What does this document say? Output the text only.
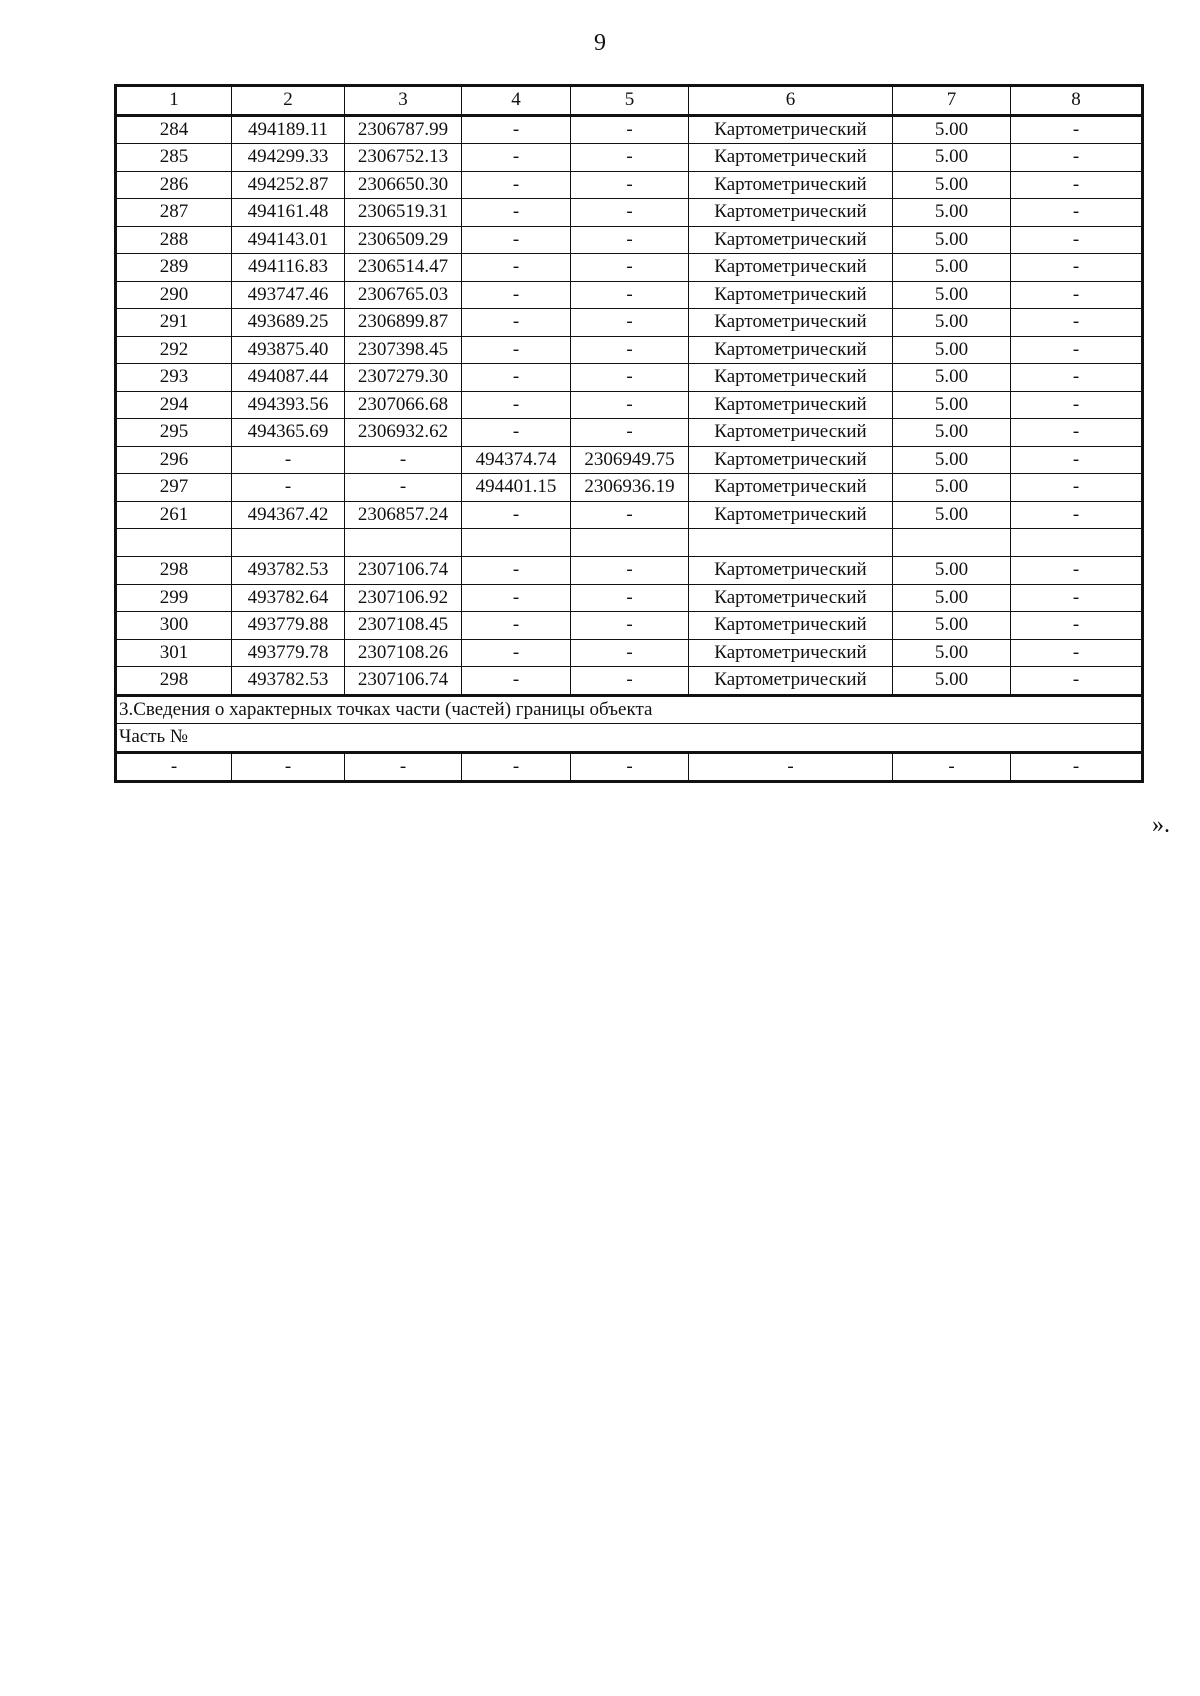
9
1	2	3	4	5	6	7	8
284	494189.11	2306787.99	-	-	Картометрический	5.00	-
285	494299.33	2306752.13	-	-	Картометрический	5.00	-
286	494252.87	2306650.30	-	-	Картометрический	5.00	-
287	494161.48	2306519.31	-	-	Картометрический	5.00	-
288	494143.01	2306509.29	-	-	Картометрический	5.00	-
289	494116.83	2306514.47	-	-	Картометрический	5.00	-
290	493747.46	2306765.03	-	-	Картометрический	5.00	-
291	493689.25	2306899.87	-	-	Картометрический	5.00	-
292	493875.40	2307398.45	-	-	Картометрический	5.00	-
293	494087.44	2307279.30	-	-	Картометрический	5.00	-
294	494393.56	2307066.68	-	-	Картометрический	5.00	-
295	494365.69	2306932.62	-	-	Картометрический	5.00	-
296	-	-	494374.74	2306949.75	Картометрический	5.00	-
297	-	-	494401.15	2306936.19	Картометрический	5.00	-
261	494367.42	2306857.24	-	-	Картометрический	5.00	-

298	493782.53	2307106.74	-	-	Картометрический	5.00	-
299	493782.64	2307106.92	-	-	Картометрический	5.00	-
300	493779.88	2307108.45	-	-	Картометрический	5.00	-
301	493779.78	2307108.26	-	-	Картометрический	5.00	-
298	493782.53	2307106.74	-	-	Картометрический	5.00	-
3.Сведения о характерных точках части (частей) границы объекта							
Часть №							
-	-	-	-	-	-	-	-
».
